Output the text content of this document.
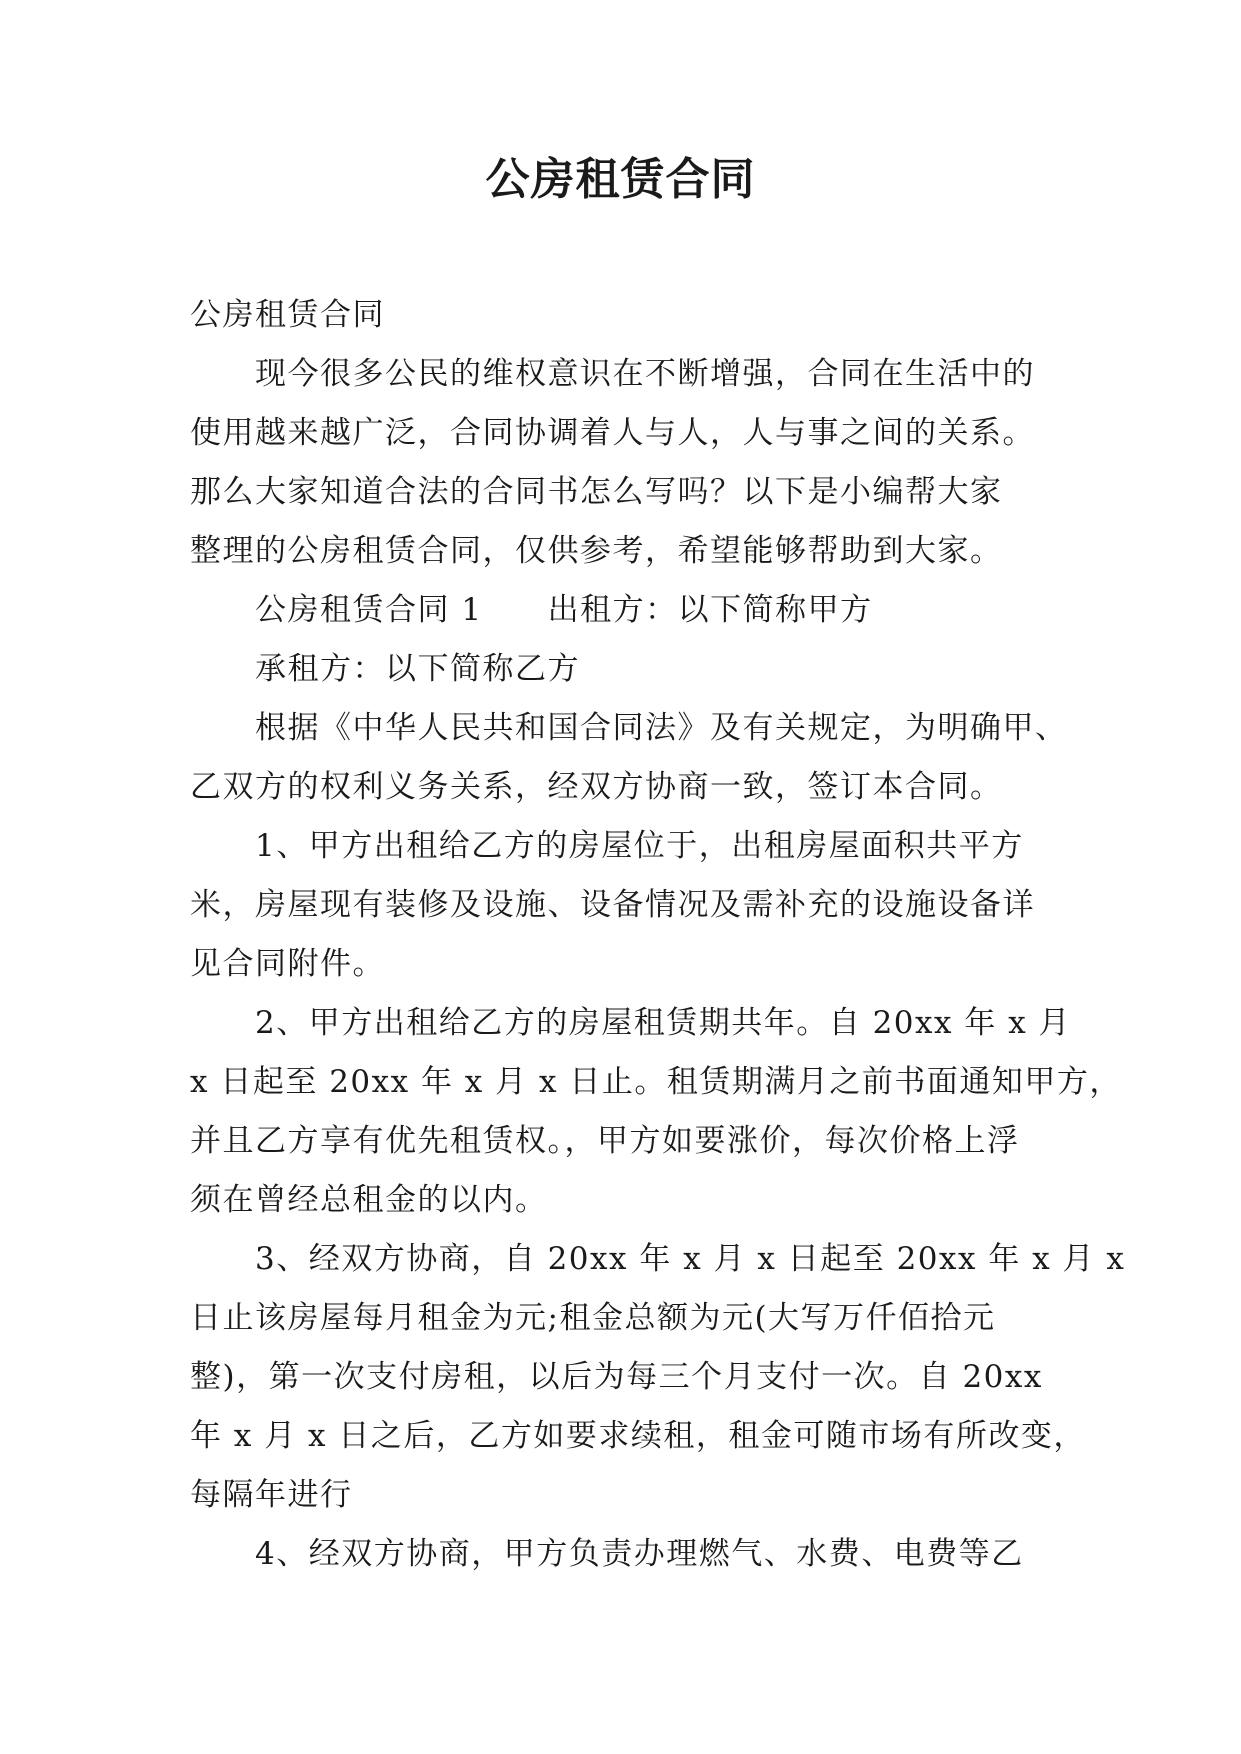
公房租赁合同

公房租赁合同

现今很多公民的维权意识在不断增强，合同在生活中的

使用越来越广泛，合同协调着人与人，人与事之间的关系。

那么大家知道合法的合同书怎么写吗？以下是小编帮大家

整理的公房租赁合同，仅供参考，希望能够帮助到大家。

公房租赁合同 1　　出租方：以下简称甲方

承租方：以下简称乙方

根据《中华人民共和国合同法》及有关规定，为明确甲、

乙双方的权利义务关系，经双方协商一致，签订本合同。

1、甲方出租给乙方的房屋位于，出租房屋面积共平方

米，房屋现有装修及设施、设备情况及需补充的设施设备详

见合同附件。

2、甲方出租给乙方的房屋租赁期共年。自 20xx 年 x 月

x 日起至 20xx 年 x 月 x 日止。租赁期满月之前书面通知甲方，

并且乙方享有优先租赁权。，甲方如要涨价，每次价格上浮

须在曾经总租金的以内。

3、经双方协商，自 20xx 年 x 月 x 日起至 20xx 年 x 月 x

日止该房屋每月租金为元;租金总额为元(大写万仟佰拾元

整)，第一次支付房租，以后为每三个月支付一次。自 20xx

年 x 月 x 日之后，乙方如要求续租，租金可随市场有所改变，

每隔年进行

4、经双方协商，甲方负责办理燃气、水费、电费等乙
